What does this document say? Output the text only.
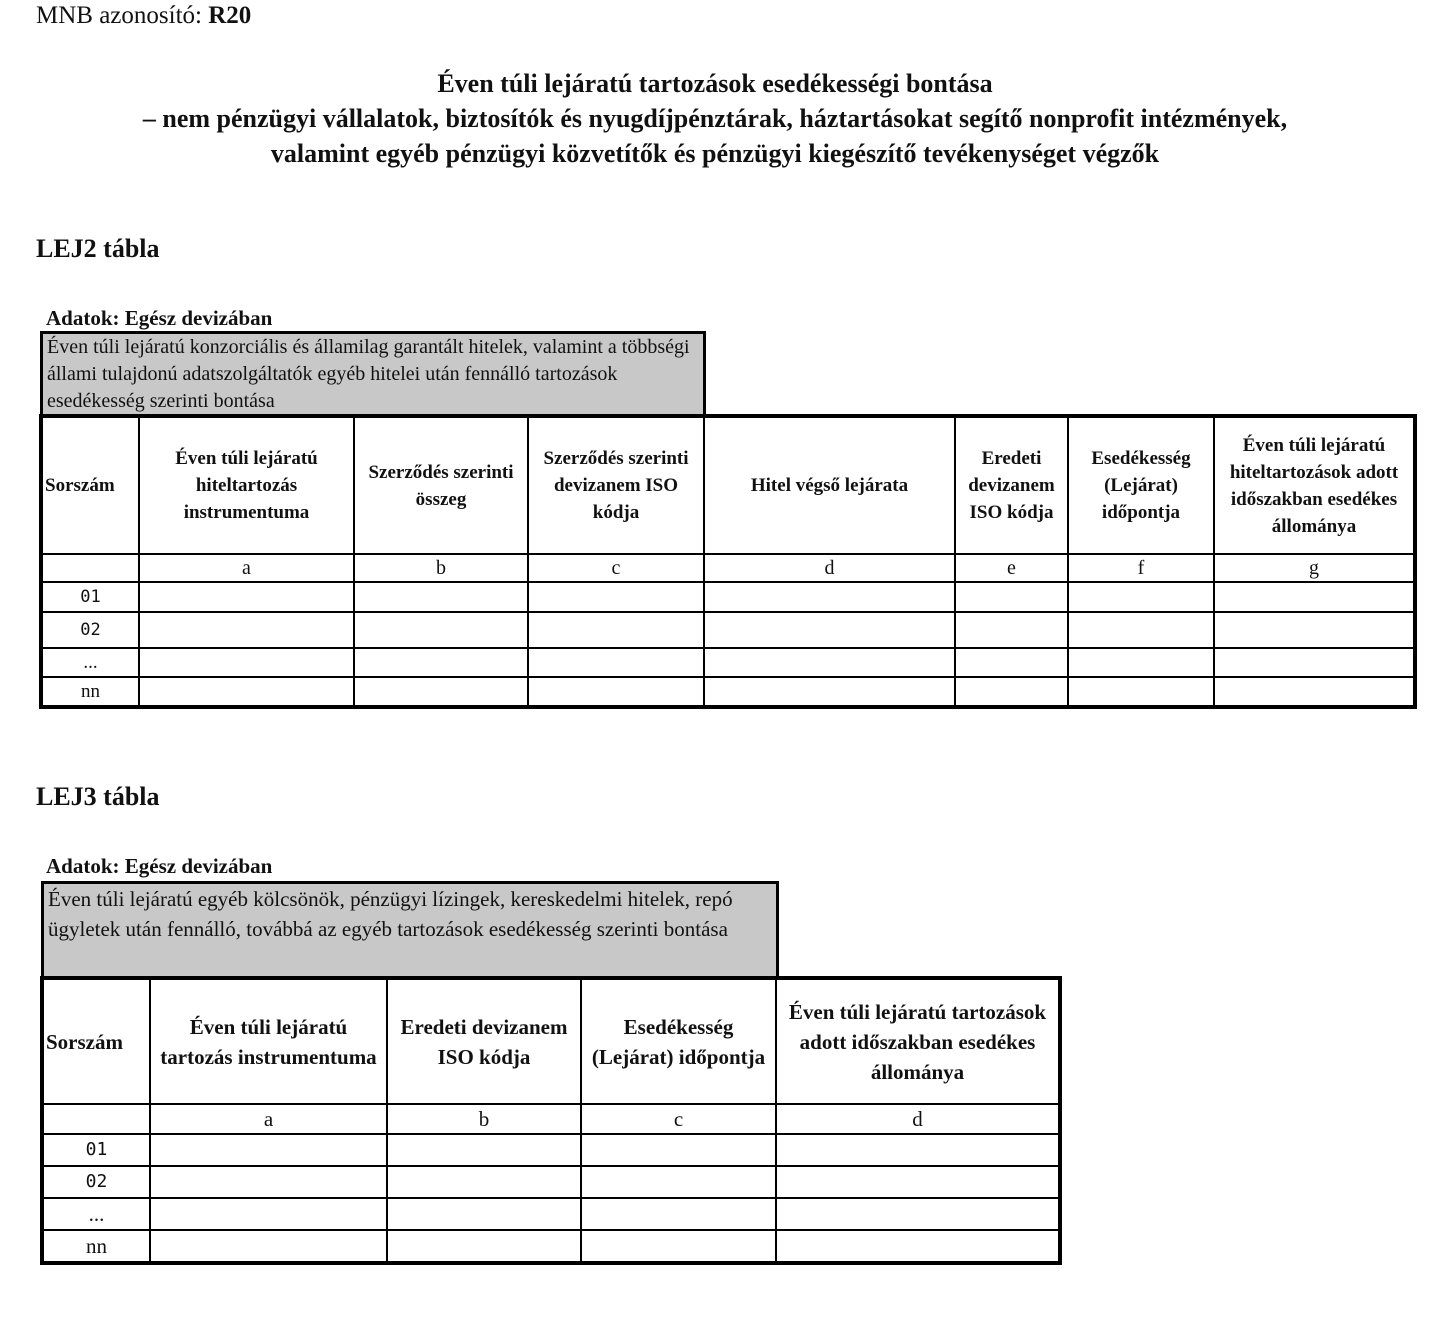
MNB azonosító: R20
Éven túli lejáratú tartozások esedékességi bontása
– nem pénzügyi vállalatok, biztosítók és nyugdíjpénztárak, háztartásokat segítő nonprofit intézmények,
valamint egyéb pénzügyi közvetítők és pénzügyi kiegészítő tevékenységet végzők
LEJ2 tábla
Adatok: Egész devizában
Éven túli lejáratú konzorciális és államilag garantált hitelek, valamint a többségi állami tulajdonú adatszolgáltatók egyéb hitelei után fennálló tartozások esedékesség szerinti bontása
Sorszám	Éven túli lejáratú hiteltartozás instrumentuma	Szerződés szerinti összeg	Szerződés szerinti devizanem ISO kódja	Hitel végső lejárata	Eredeti devizanem ISO kódja	Esedékesség (Lejárat) időpontja	Éven túli lejáratú hiteltartozások adott időszakban esedékes állománya
	a	b	c	d	e	f	g
01							
02							
...							
nn							
LEJ3 tábla
Adatok: Egész devizában
Éven túli lejáratú egyéb kölcsönök, pénzügyi lízingek, kereskedelmi hitelek, repó ügyletek után fennálló, továbbá az egyéb tartozások esedékesség szerinti bontása
Sorszám	Éven túli lejáratú tartozás instrumentuma	Eredeti devizanem ISO kódja	Esedékesség (Lejárat) időpontja	Éven túli lejáratú tartozások adott időszakban esedékes állománya
	a	b	c	d
01				
02				
...				
nn				
